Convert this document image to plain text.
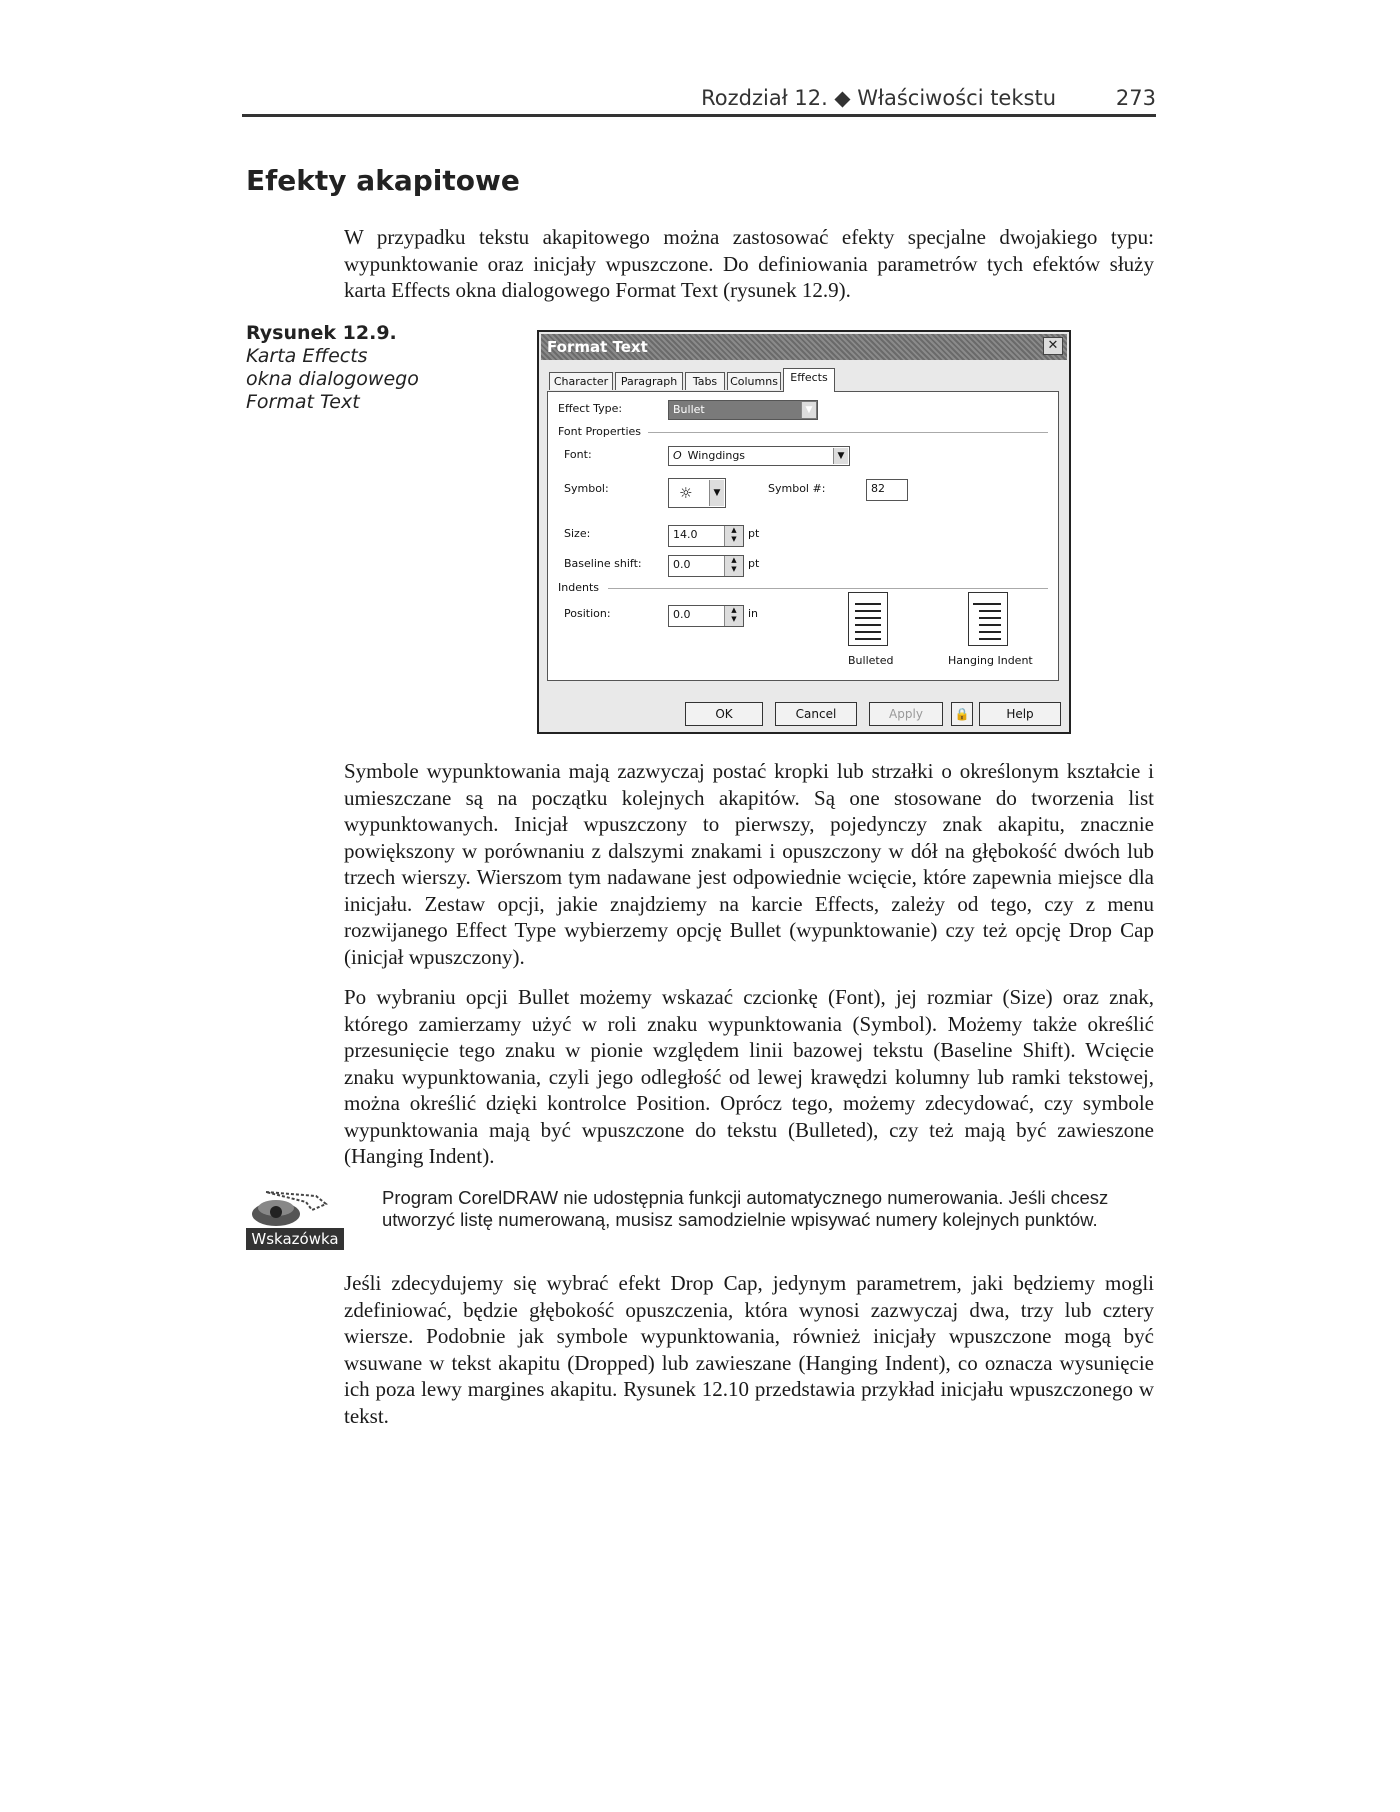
Rozdział 12. ◆ Właściwości tekstu	273
Efekty akapitowe

W przypadku tekstu akapitowego można zastosować efekty specjalne dwojakiego typu: wypunktowanie oraz inicjały wpuszczone. Do definiowania parametrów tych efektów służy karta Effects okna dialogowego Format Text (rysunek 12.9).

Rysunek 12.9.
Karta Effects
okna dialogowego
Format Text
Format Text	✕
Character	Paragraph	Tabs	Columns	Effects
Effect Type:	Bullet	▼
Font Properties
Font:	O Wingdings	▼
Symbol:	☼	▼	Symbol #:	82
Size:	14.0	▲
▼	pt
Baseline shift:	0.0	▲
▼	pt
Indents
Position:	0.0	▲
▼	in
Bulleted	Hanging Indent
OK	Cancel	Apply	🔒	Help

Symbole wypunktowania mają zazwyczaj postać kropki lub strzałki o określonym kształcie i umieszczane są na początku kolejnych akapitów. Są one stosowane do tworzenia list wypunktowanych. Inicjał wpuszczony to pierwszy, pojedynczy znak akapitu, znacznie powiększony w porównaniu z dalszymi znakami i opuszczony w dół na głębokość dwóch lub trzech wierszy. Wierszom tym nadawane jest odpowiednie wcięcie, które zapewnia miejsce dla inicjału. Zestaw opcji, jakie znajdziemy na karcie Effects, zależy od tego, czy z menu rozwijanego Effect Type wybierzemy opcję Bullet (wypunktowanie) czy też opcję Drop Cap (inicjał wpuszczony).

Po wybraniu opcji Bullet możemy wskazać czcionkę (Font), jej rozmiar (Size) oraz znak, którego zamierzamy użyć w roli znaku wypunktowania (Symbol). Możemy także określić przesunięcie tego znaku w pionie względem linii bazowej tekstu (Baseline Shift). Wcięcie znaku wypunktowania, czyli jego odległość od lewej krawędzi kolumny lub ramki tekstowej, można określić dzięki kontrolce Position. Oprócz tego, możemy zdecydować, czy symbole wypunktowania mają być wpuszczone do tekstu (Bulleted), czy też mają być zawieszone (Hanging Indent).

Wskazówka
Program CorelDRAW nie udostępnia funkcji automatycznego numerowania. Jeśli chcesz utworzyć listę numerowaną, musisz samodzielnie wpisywać numery kolejnych punktów.

Jeśli zdecydujemy się wybrać efekt Drop Cap, jedynym parametrem, jaki będziemy mogli zdefiniować, będzie głębokość opuszczenia, która wynosi zazwyczaj dwa, trzy lub cztery wiersze. Podobnie jak symbole wypunktowania, również inicjały wpuszczone mogą być wsuwane w tekst akapitu (Dropped) lub zawieszane (Hanging Indent), co oznacza wysunięcie ich poza lewy margines akapitu. Rysunek 12.10 przedstawia przykład inicjału wpuszczonego w tekst.
